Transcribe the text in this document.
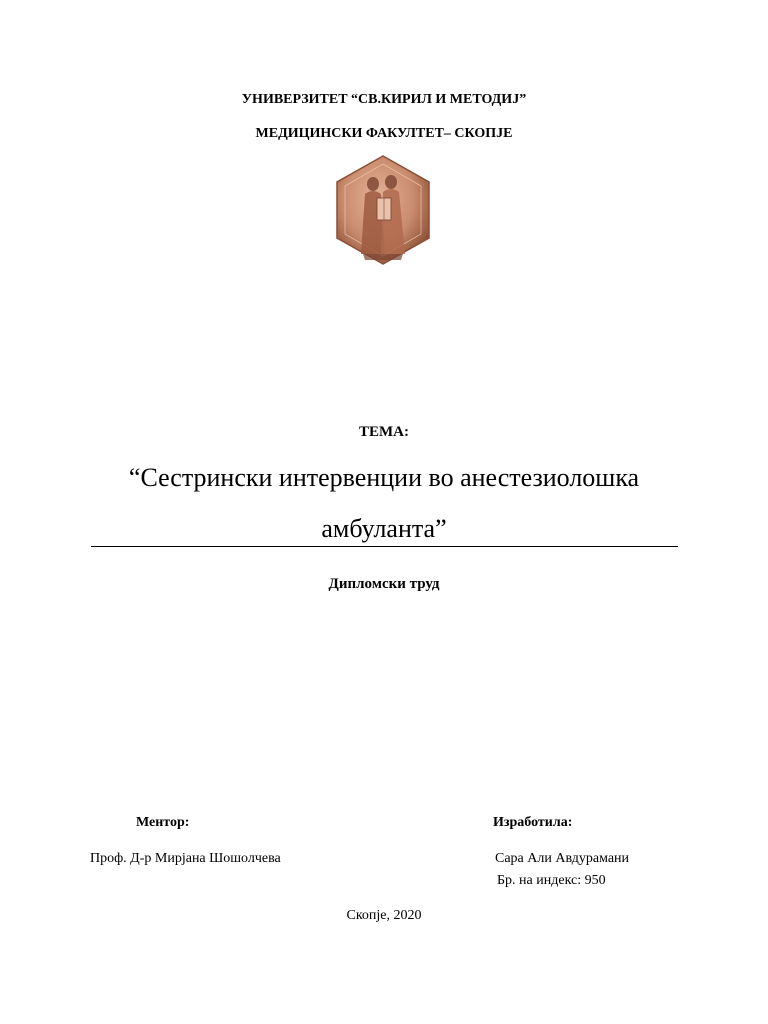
УНИВЕРЗИТЕТ “СВ.КИРИЛ И МЕТОДИЈ”
МЕДИЦИНСКИ ФАКУЛТЕТ– СКОПЈЕ
ТЕМА:
“Сестрински интервенции во анестезиолошка
амбуланта”
Дипломски труд
Ментор:	Изработила:
Проф. Д-р Мирјана Шошолчева	Сара Али Авдурамани
Бр. на индекс: 950
Скопје, 2020
